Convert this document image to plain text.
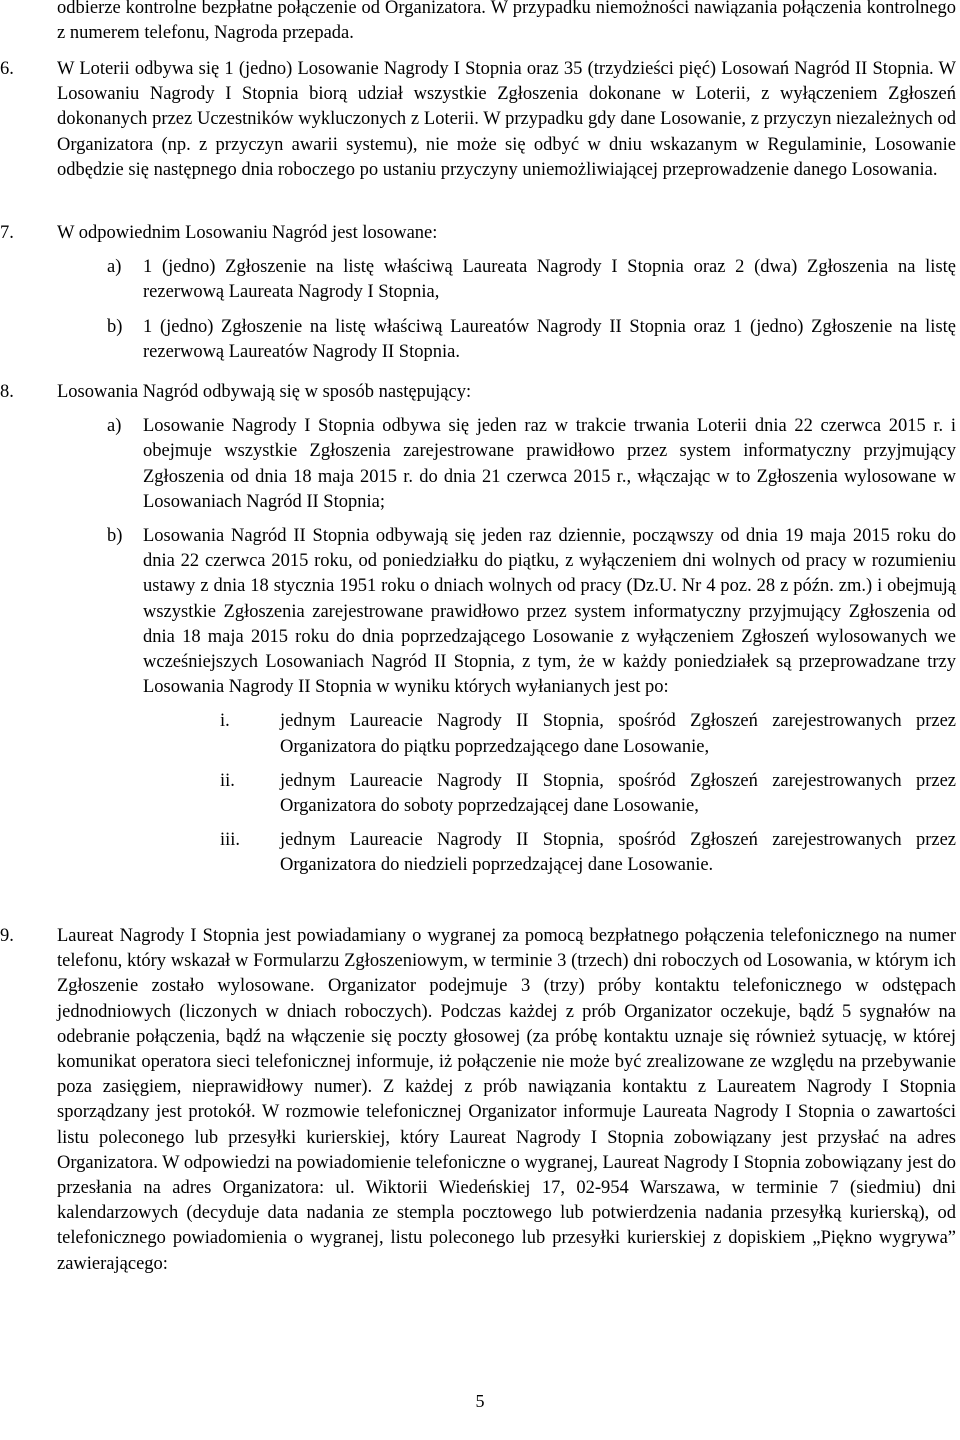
odbierze kontrolne bezpłatne połączenie od Organizatora. W przypadku niemożności nawiązania połączenia kontrolnego z numerem telefonu, Nagroda przepada.
6.	W Loterii odbywa się 1 (jedno) Losowanie Nagrody I Stopnia oraz 35 (trzydzieści pięć) Losowań Nagród II Stopnia. W Losowaniu Nagrody I Stopnia biorą udział wszystkie Zgłoszenia dokonane w Loterii, z wyłączeniem Zgłoszeń dokonanych przez Uczestników wykluczonych z Loterii. W przypadku gdy dane Losowanie, z przyczyn niezależnych od Organizatora (np. z przyczyn awarii systemu), nie może się odbyć w dniu wskazanym w Regulaminie, Losowanie odbędzie się następnego dnia roboczego po ustaniu przyczyny uniemożliwiającej przeprowadzenie danego Losowania.
7.	W odpowiednim Losowaniu Nagród jest losowane:
a) 1 (jedno) Zgłoszenie na listę właściwą Laureata Nagrody I Stopnia oraz 2 (dwa) Zgłoszenia na listę rezerwową Laureata Nagrody I Stopnia,
b) 1 (jedno) Zgłoszenie na listę właściwą Laureatów Nagrody II Stopnia oraz 1 (jedno) Zgłoszenie na listę rezerwową Laureatów Nagrody II Stopnia.
8.	Losowania Nagród odbywają się w sposób następujący:
a) Losowanie Nagrody I Stopnia odbywa się jeden raz w trakcie trwania Loterii dnia 22 czerwca 2015 r. i obejmuje wszystkie Zgłoszenia zarejestrowane prawidłowo przez system informatyczny przyjmujący Zgłoszenia od dnia 18 maja 2015 r. do dnia 21 czerwca 2015 r., włączając w to Zgłoszenia wylosowane w Losowaniach Nagród II Stopnia;
b) Losowania Nagród II Stopnia odbywają się jeden raz dziennie, począwszy od dnia 19 maja 2015 roku do dnia 22 czerwca 2015 roku, od poniedziałku do piątku, z wyłączeniem dni wolnych od pracy w rozumieniu ustawy z dnia 18 stycznia 1951 roku o dniach wolnych od pracy (Dz.U. Nr 4 poz. 28 z późn. zm.) i obejmują wszystkie Zgłoszenia zarejestrowane prawidłowo przez system informatyczny przyjmujący Zgłoszenia od dnia 18 maja 2015 roku do dnia poprzedzającego Losowanie z wyłączeniem Zgłoszeń wylosowanych we wcześniejszych Losowaniach Nagród II Stopnia, z tym, że w każdy poniedziałek są przeprowadzane trzy Losowania Nagrody II Stopnia w wyniku których wyłanianych jest po:
i.	jednym Laureacie Nagrody II Stopnia, spośród Zgłoszeń zarejestrowanych przez Organizatora do piątku poprzedzającego dane Losowanie,
ii.	jednym Laureacie Nagrody II Stopnia, spośród Zgłoszeń zarejestrowanych przez Organizatora do soboty poprzedzającej dane Losowanie,
iii.	jednym Laureacie Nagrody II Stopnia, spośród Zgłoszeń zarejestrowanych przez Organizatora do niedzieli poprzedzającej dane Losowanie.
9.	Laureat Nagrody I Stopnia jest powiadamiany o wygranej za pomocą bezpłatnego połączenia telefonicznego na numer telefonu, który wskazał w Formularzu Zgłoszeniowym, w terminie 3 (trzech) dni roboczych od Losowania, w którym ich Zgłoszenie zostało wylosowane. Organizator podejmuje 3 (trzy) próby kontaktu telefonicznego w odstępach jednodniowych (liczonych w dniach roboczych). Podczas każdej z prób Organizator oczekuje, bądź 5 sygnałów na odebranie połączenia, bądź na włączenie się poczty głosowej (za próbę kontaktu uznaje się również sytuację, w której komunikat operatora sieci telefonicznej informuje, iż połączenie nie może być zrealizowane ze względu na przebywanie poza zasięgiem, nieprawidłowy numer). Z każdej z prób nawiązania kontaktu z Laureatem Nagrody I Stopnia sporządzany jest protokół. W rozmowie telefonicznej Organizator informuje Laureata Nagrody I Stopnia o zawartości listu poleconego lub przesyłki kurierskiej, który Laureat Nagrody I Stopnia zobowiązany jest przysłać na adres Organizatora. W odpowiedzi na powiadomienie telefoniczne o wygranej, Laureat Nagrody I Stopnia zobowiązany jest do przesłania na adres Organizatora: ul. Wiktorii Wiedeńskiej 17, 02-954 Warszawa, w terminie 7 (siedmiu) dni kalendarzowych (decyduje data nadania ze stempla pocztowego lub potwierdzenia nadania przesyłką kurierską), od telefonicznego powiadomienia o wygranej, listu poleconego lub przesyłki kurierskiej z dopiskiem „Piękno wygrywa” zawierającego:
5
